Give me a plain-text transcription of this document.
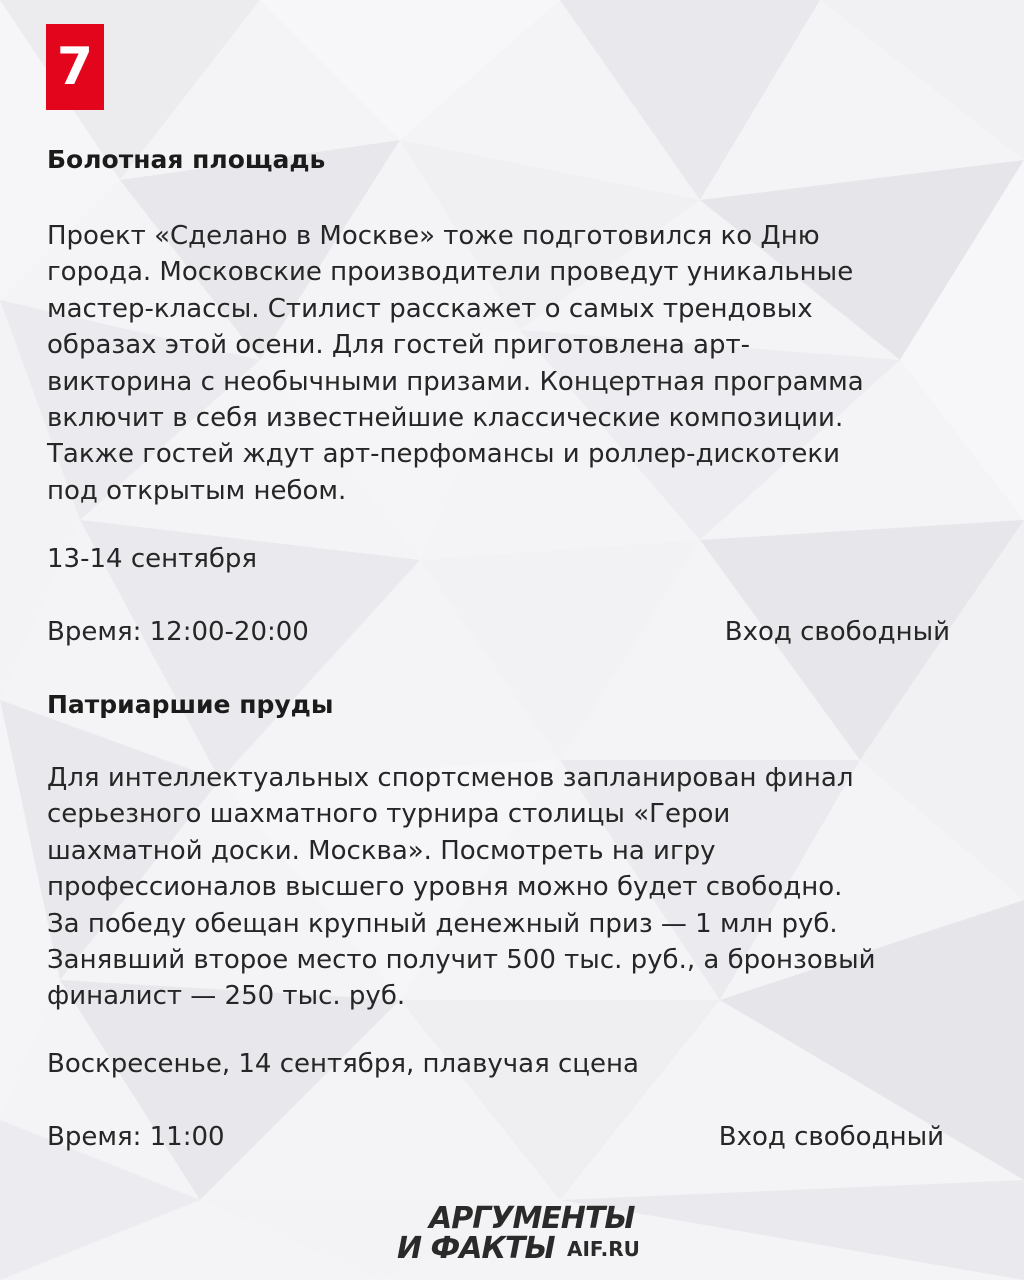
7
Болотная площадь
Проект «Сделано в Москве» тоже подготовился ко Дню
города. Московские производители проведут уникальные
мастер-классы. Стилист расскажет о самых трендовых
образах этой осени. Для гостей приготовлена арт-
викторина с необычными призами. Концертная программа
включит в себя известнейшие классические композиции.
Также гостей ждут арт-перфомансы и роллер-дискотеки
под открытым небом.

13-14 сентября

Время: 12:00-20:00	Вход свободный

Патриаршие пруды
Для интеллектуальных спортсменов запланирован финал
серьезного шахматного турнира столицы «Герои
шахматной доски. Москва». Посмотреть на игру
профессионалов высшего уровня можно будет свободно.
За победу обещан крупный денежный приз — 1 млн руб.
Занявший второе место получит 500 тыс. руб., а бронзовый
финалист — 250 тыс. руб.

Воскресенье, 14 сентября, плавучая сцена

Время: 11:00	Вход свободный

АРГУМЕНТЫ
И ФАКТЫ AIF.RU
